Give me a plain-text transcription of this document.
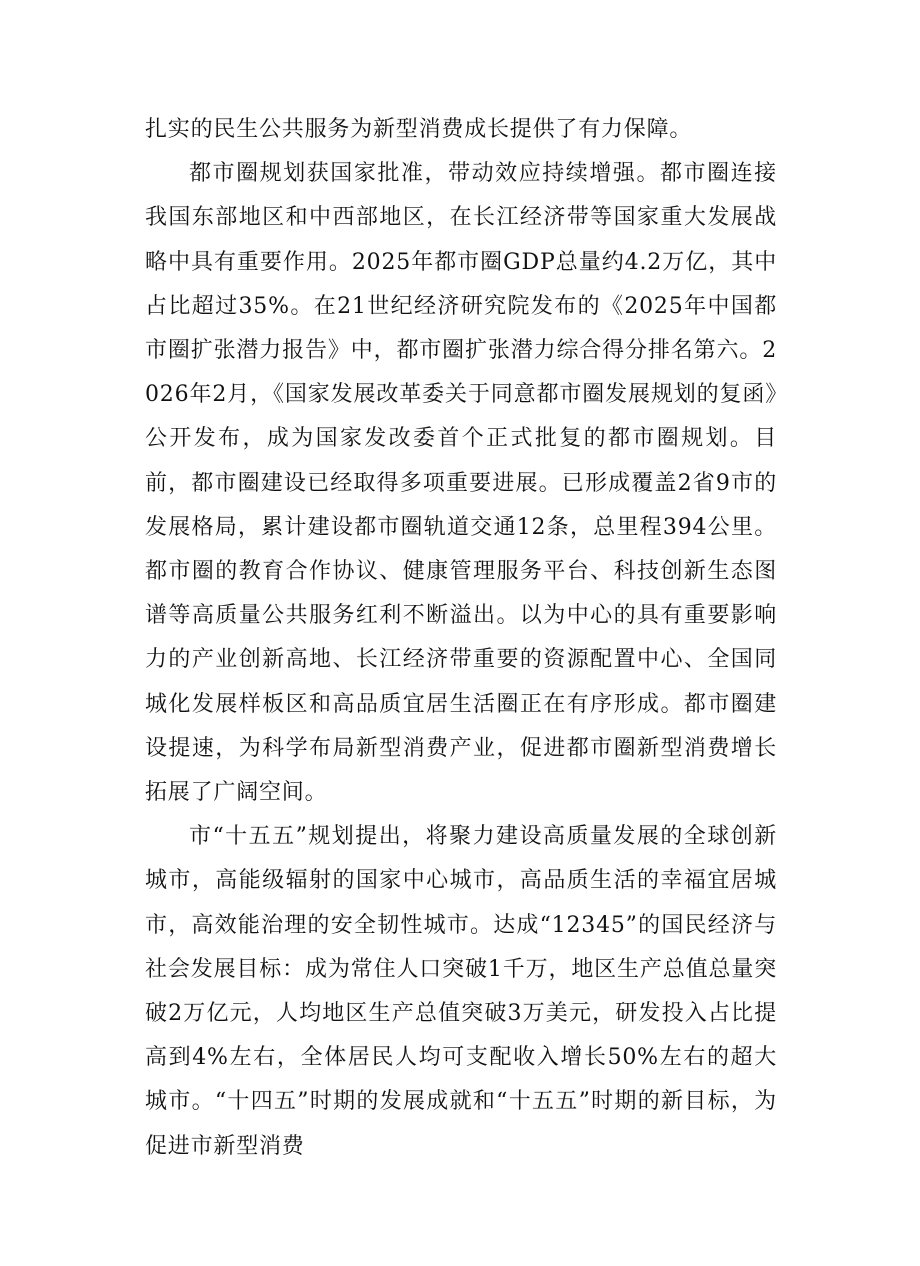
扎实的民生公共服务为新型消费成长提供了有力保障。

都市圈规划获国家批准，带动效应持续增强。都市圈连接我国东部地区和中西部地区，在长江经济带等国家重大发展战略中具有重要作用。2025年都市圈GDP总量约4.2万亿，其中占比超过35%。在21世纪经济研究院发布的《2025年中国都市圈扩张潜力报告》中，都市圈扩张潜力综合得分排名第六。2026年2月，《国家发展改革委关于同意都市圈发展规划的复函》公开发布，成为国家发改委首个正式批复的都市圈规划。目前，都市圈建设已经取得多项重要进展。已形成覆盖2省9市的发展格局，累计建设都市圈轨道交通12条，总里程394公里。都市圈的教育合作协议、健康管理服务平台、科技创新生态图谱等高质量公共服务红利不断溢出。以为中心的具有重要影响力的产业创新高地、长江经济带重要的资源配置中心、全国同城化发展样板区和高品质宜居生活圈正在有序形成。都市圈建设提速，为科学布局新型消费产业，促进都市圈新型消费增长拓展了广阔空间。

市“十五五”规划提出，将聚力建设高质量发展的全球创新城市，高能级辐射的国家中心城市，高品质生活的幸福宜居城市，高效能治理的安全韧性城市。达成“12345”的国民经济与社会发展目标：成为常住人口突破1千万，地区生产总值总量突破2万亿元，人均地区生产总值突破3万美元，研发投入占比提高到4%左右，全体居民人均可支配收入增长50%左右的超大城市。“十四五”时期的发展成就和“十五五”时期的新目标，为促进市新型消费
